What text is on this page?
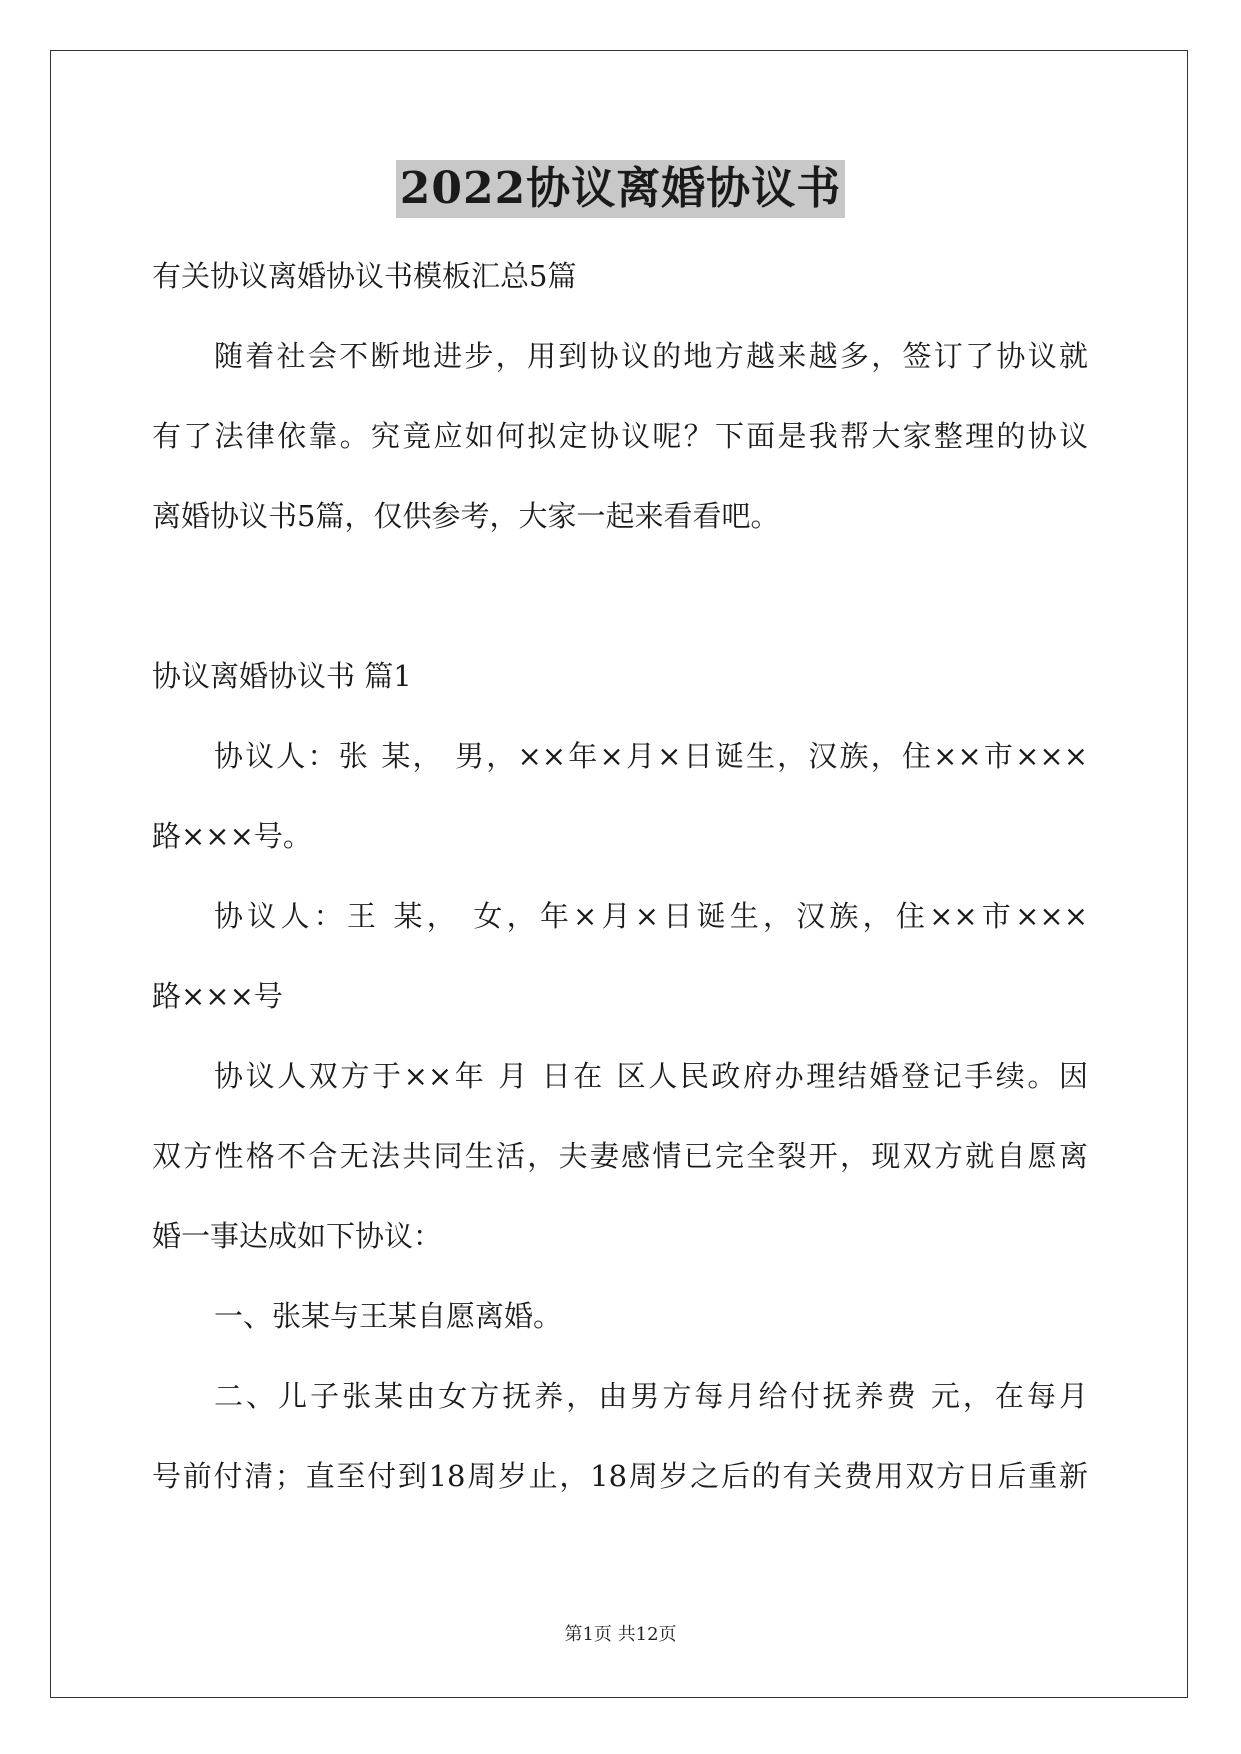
2022协议离婚协议书
有关协议离婚协议书模板汇总5篇
随着社会不断地进步，用到协议的地方越来越多，签订了协议就
有了法律依靠。究竟应如何拟定协议呢？下面是我帮大家整理的协议
离婚协议书5篇，仅供参考，大家一起来看看吧。
协议离婚协议书 篇1
协议人：张 某， 男，××年×月×日诞生，汉族，住××市×××
路×××号。
协议人：王 某， 女，年×月×日诞生，汉族，住××市×××
路×××号
协议人双方于××年 月 日在 区人民政府办理结婚登记手续。因
双方性格不合无法共同生活，夫妻感情已完全裂开，现双方就自愿离
婚一事达成如下协议：
一、张某与王某自愿离婚。
二、儿子张某由女方抚养，由男方每月给付抚养费 元，在每月
号前付清；直至付到18周岁止，18周岁之后的有关费用双方日后重新
第1页 共12页
